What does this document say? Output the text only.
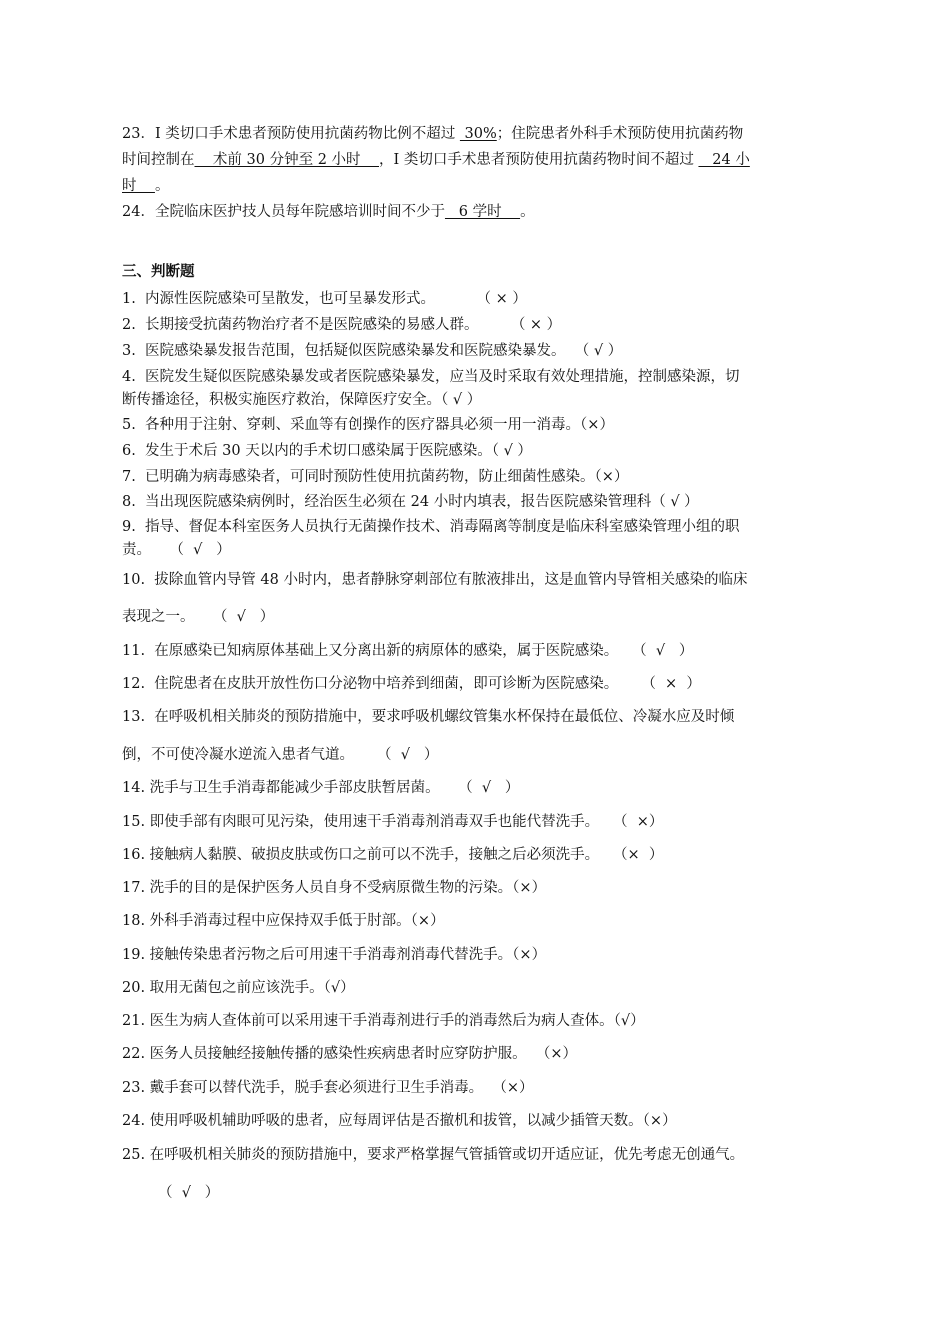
23．I 类切口手术患者预防使用抗菌药物比例不超过  30%；住院患者外科手术预防使用抗菌药物
时间控制在    术前 30 分钟至 2 小时    ，I 类切口手术患者预防使用抗菌药物时间不超过    24 小
时    。
24．全院临床医护技人员每年院感培训时间不少于   6 学时    。
三、判断题
1.  内源性医院感染可呈散发，也可呈暴发形式。         （ × ）
2.  长期接受抗菌药物治疗者不是医院感染的易感人群。       （ × ）
3.  医院感染暴发报告范围，包括疑似医院感染暴发和医院感染暴发。  （ √ ）
4.  医院发生疑似医院感染暴发或者医院感染暴发，应当及时采取有效处理措施，控制感染源，切
断传播途径，积极实施医疗救治，保障医疗安全。（ √ ）
5.  各种用于注射、穿刺、采血等有创操作的医疗器具必须一用一消毒。（×）
6.  发生于术后 30 天以内的手术切口感染属于医院感染。（ √ ）
7.  已明确为病毒感染者，可同时预防性使用抗菌药物，防止细菌性感染。（×）
8.  当出现医院感染病例时，经治医生必须在 24 小时内填表，报告医院感染管理科（ √ ）
9.  指导、督促本科室医务人员执行无菌操作技术、消毒隔离等制度是临床科室感染管理小组的职
责。    （  √   ）
10.  拔除血管内导管 48 小时内，患者静脉穿刺部位有脓液排出，这是血管内导管相关感染的临床
表现之一。    （  √   ）
11.  在原感染已知病原体基础上又分离出新的病原体的感染，属于医院感染。   （  √   ）
12.  住院患者在皮肤开放性伤口分泌物中培养到细菌，即可诊断为医院感染。     （  ×  ）
13.  在呼吸机相关肺炎的预防措施中，要求呼吸机螺纹管集水杯保持在最低位、冷凝水应及时倾
倒，不可使冷凝水逆流入患者气道。     （  √   ）
14. 洗手与卫生手消毒都能减少手部皮肤暂居菌。    （  √   ）
15. 即使手部有肉眼可见污染，使用速干手消毒剂消毒双手也能代替洗手。   （  ×）
16. 接触病人黏膜、破损皮肤或伤口之前可以不洗手，接触之后必须洗手。   （×  ）
17. 洗手的目的是保护医务人员自身不受病原微生物的污染。（×）
18. 外科手消毒过程中应保持双手低于肘部。（×）
19. 接触传染患者污物之后可用速干手消毒剂消毒代替洗手。（×）
20. 取用无菌包之前应该洗手。（√）
21. 医生为病人查体前可以采用速干手消毒剂进行手的消毒然后为病人查体。（√）
22. 医务人员接触经接触传播的感染性疾病患者时应穿防护服。  （×）
23. 戴手套可以替代洗手，脱手套必须进行卫生手消毒。  （×）
24. 使用呼吸机辅助呼吸的患者，应每周评估是否撤机和拔管，以减少插管天数。（×）
25. 在呼吸机相关肺炎的预防措施中，要求严格掌握气管插管或切开适应证，优先考虑无创通气。
（  √   ）
